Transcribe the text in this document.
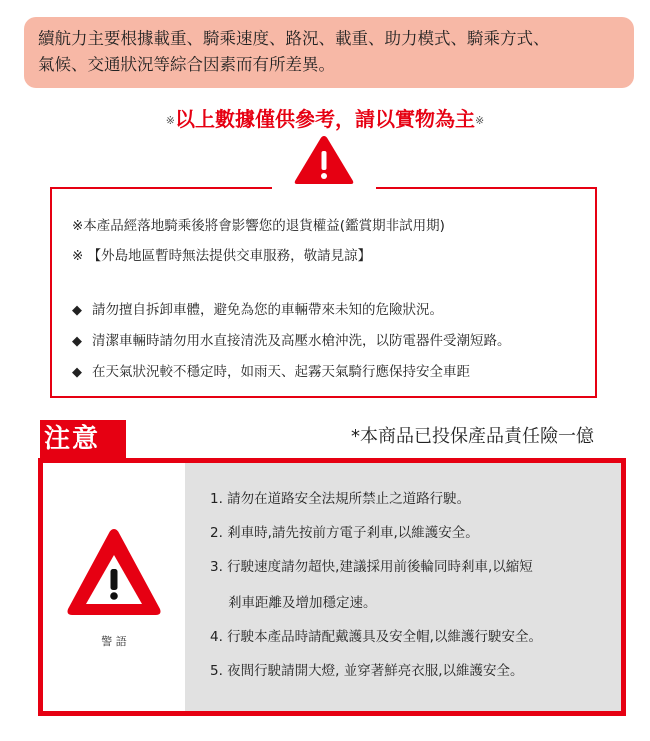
續航力主要根據載重、騎乘速度、路況、載重、助力模式、騎乘方式、

氣候、交通狀況等綜合因素而有所差異。

※以上數據僅供參考，請以實物為主※
※本產品經落地騎乘後將會影響您的退貨權益(鑑賞期非試用期)
※ 【外島地區暫時無法提供交車服務，敬請見諒】
◆ 請勿擅自拆卸車體，避免為您的車輛帶來未知的危險狀況。
◆ 清潔車輛時請勿用水直接清洗及高壓水槍沖洗，以防電器件受潮短路。
◆ 在天氣狀況較不穩定時，如雨天、起霧天氣騎行應保持安全車距
注意	*本商品已投保產品責任險一億
警 語
1. 請勿在道路安全法規所禁止之道路行駛。
2. 剎車時,請先按前方電子剎車,以維護安全。
3. 行駛速度請勿超快,建議採用前後輪同時剎車,以縮短
剎車距離及增加穩定速。
4. 行駛本產品時請配戴護具及安全帽,以維護行駛安全。
5. 夜間行駛請開大燈, 並穿著鮮亮衣服,以維護安全。
